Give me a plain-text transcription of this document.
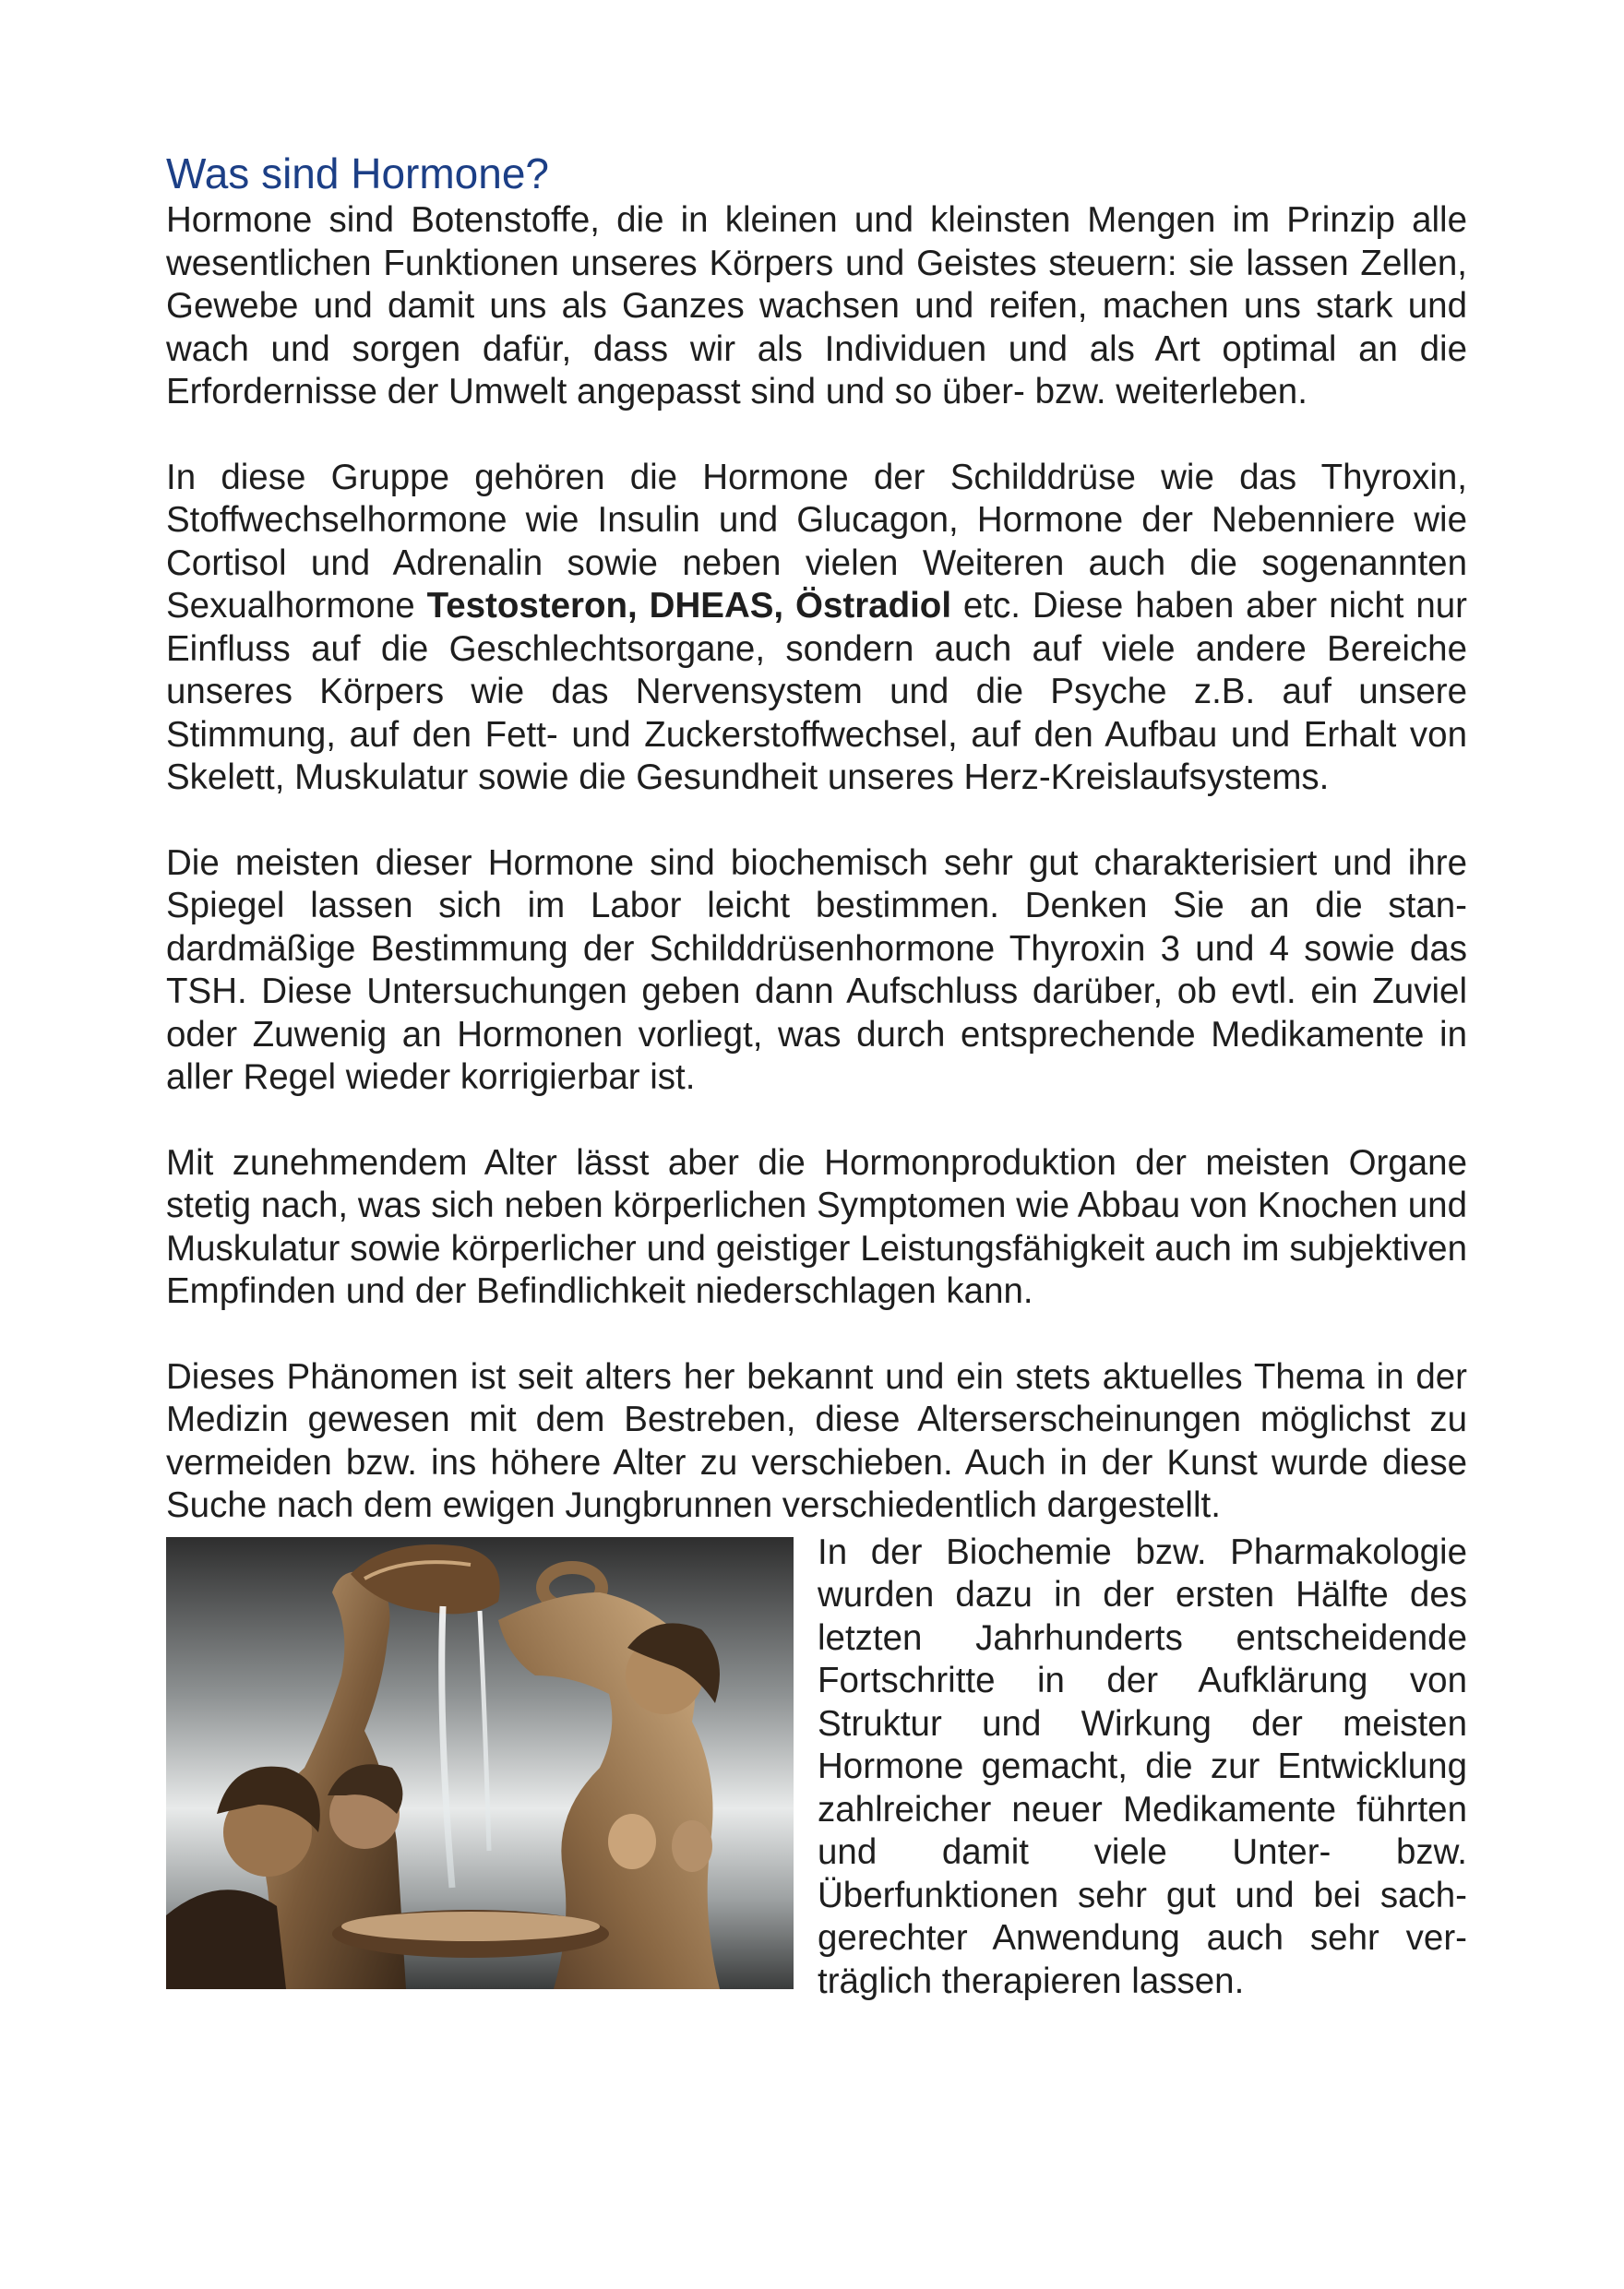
Was sind Hormone?

Hormone sind Botenstoffe, die in kleinen und kleinsten Mengen im Prinzip alle wesentlichen Funktionen unseres Körpers und Geistes steuern: sie lassen Zellen, Gewebe und damit uns als Ganzes wachsen und reifen, machen uns stark und wach und sorgen dafür, dass wir als Individuen und als Art optimal an die Erfordernisse der Umwelt angepasst sind und so über- bzw. weiterleben.

In diese Gruppe gehören die Hormone der Schilddrüse wie das Thyroxin, Stoffwechselhormone wie Insulin und Glucagon, Hormone der Nebenniere wie Cortisol und Adrenalin sowie neben vielen Weiteren auch die sogenannten Sexualhormone Testosteron, DHEAS, Östradiol etc. Diese haben aber nicht nur Einfluss auf die Geschlechtsorgane, sondern auch auf viele andere Bereiche unseres Körpers wie das Nervensystem und die Psyche z.B. auf unsere Stimmung, auf den Fett- und Zuckerstoffwechsel, auf den Aufbau und Erhalt von Skelett, Muskulatur sowie die Gesundheit unseres Herz-Kreislaufsystems.

Die meisten dieser Hormone sind biochemisch sehr gut charakterisiert und ihre Spiegel lassen sich im Labor leicht bestimmen. Denken Sie an die standardmäßige Bestimmung der Schilddrüsenhormone Thyroxin 3 und 4 sowie das TSH. Diese Untersuchungen geben dann Aufschluss darüber, ob evtl. ein Zuviel oder Zuwenig an Hormonen vorliegt, was durch entsprechende Medikamente in aller Regel wieder korrigierbar ist.

Mit zunehmendem Alter lässt aber die Hormonproduktion der meisten Organe stetig nach, was sich neben körperlichen Symptomen wie Abbau von Knochen und Muskulatur sowie körperlicher und geistiger Leistungsfähigkeit auch im subjektiven Empfinden und der Befindlichkeit niederschlagen kann.

Dieses Phänomen ist seit alters her bekannt und ein stets aktuelles Thema in der Medizin gewesen mit dem Bestreben, diese Alterserscheinungen möglichst zu vermeiden bzw. ins höhere Alter zu verschieben. Auch in der Kunst wurde diese Suche nach dem ewigen Jungbrunnen verschiedentlich dargestellt.

In der Biochemie bzw. Pharmakologie wurden dazu in der ersten Hälfte des letzten Jahrhunderts entscheidende Fortschritte in der Aufklärung von Struktur und Wirkung der meisten Hormone gemacht, die zur Entwicklung zahlreicher neuer Medikamente führten und damit viele Unter- bzw. Überfunktionen sehr gut und bei sachgerechter Anwendung auch sehr verträglich therapieren lassen.
